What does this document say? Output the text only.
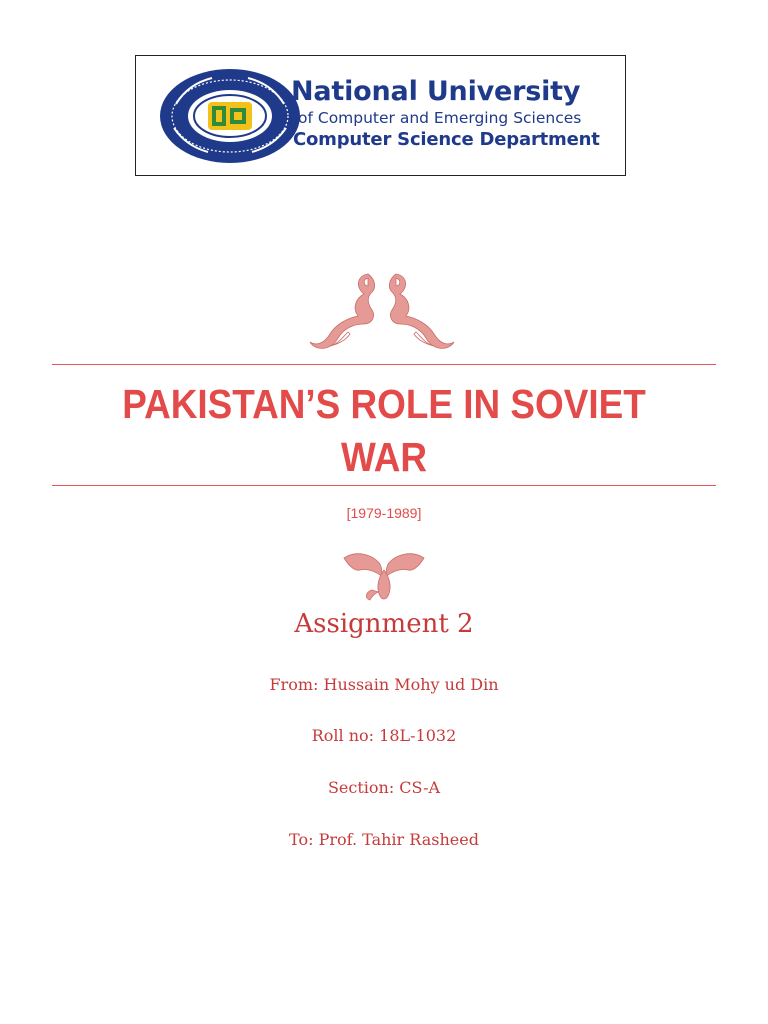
National University
of Computer and Emerging Sciences
Computer Science Department
PAKISTAN’S ROLE IN SOVIET
WAR
[1979-1989]
Assignment 2
From: Hussain Mohy ud Din
Roll no: 18L-1032
Section: CS-A
To: Prof. Tahir Rasheed
